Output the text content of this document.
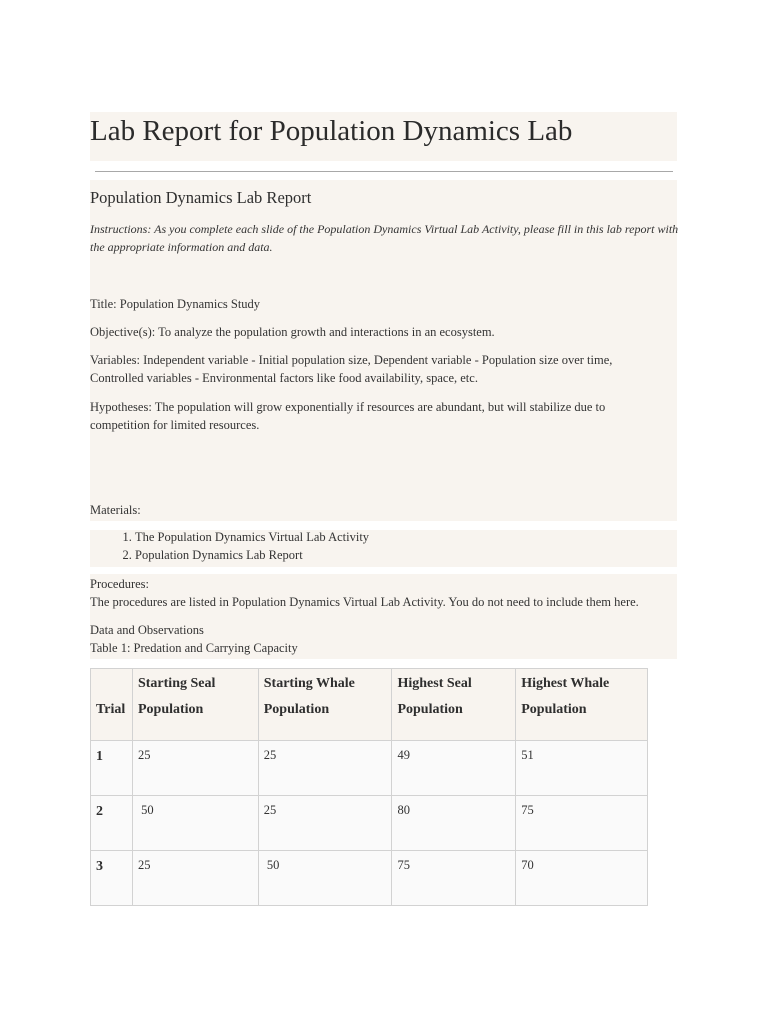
Lab Report for Population Dynamics Lab
Population Dynamics Lab Report

Instructions: As you complete each slide of the Population Dynamics Virtual Lab Activity, please fill in this lab report with the appropriate information and data.

Title: Population Dynamics Study

Objective(s): To analyze the population growth and interactions in an ecosystem.

Variables: Independent variable - Initial population size, Dependent variable - Population size over time, Controlled variables - Environmental factors like food availability, space, etc.

Hypotheses: The population will grow exponentially if resources are abundant, but will stabilize due to competition for limited resources.

Materials:

1. The Population Dynamics Virtual Lab Activity
2. Population Dynamics Lab Report

Procedures:

The procedures are listed in Population Dynamics Virtual Lab Activity. You do not need to include them here.

Data and Observations

Table 1: Predation and Carrying Capacity

Trial	Starting Seal Population	Starting Whale Population	Highest Seal Population	Highest Whale Population
1	25	25	49	51
2	50	25	80	75
3	25	50	75	70
